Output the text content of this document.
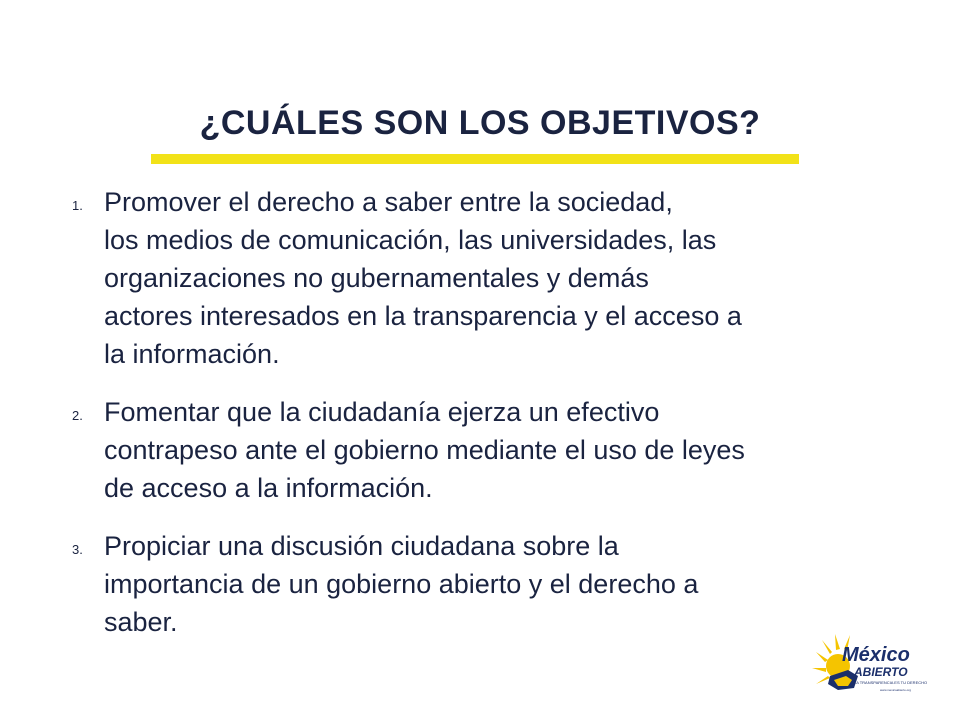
¿CUÁLES SON LOS OBJETIVOS?
1. Promover el derecho a saber entre la sociedad,
los medios de comunicación, las universidades, las
organizaciones no gubernamentales y demás
actores interesados en la transparencia y el acceso a
la información.
2. Fomentar que la ciudadanía ejerza un efectivo
contrapeso ante el gobierno mediante el uso de leyes
de acceso a la información.
3. Propiciar una discusión ciudadana sobre la
importancia de un gobierno abierto y el derecho a
saber.
México
ABIERTO
LA TRANSPARENCIA ES TU DERECHO
www.mexicoabierto.org
